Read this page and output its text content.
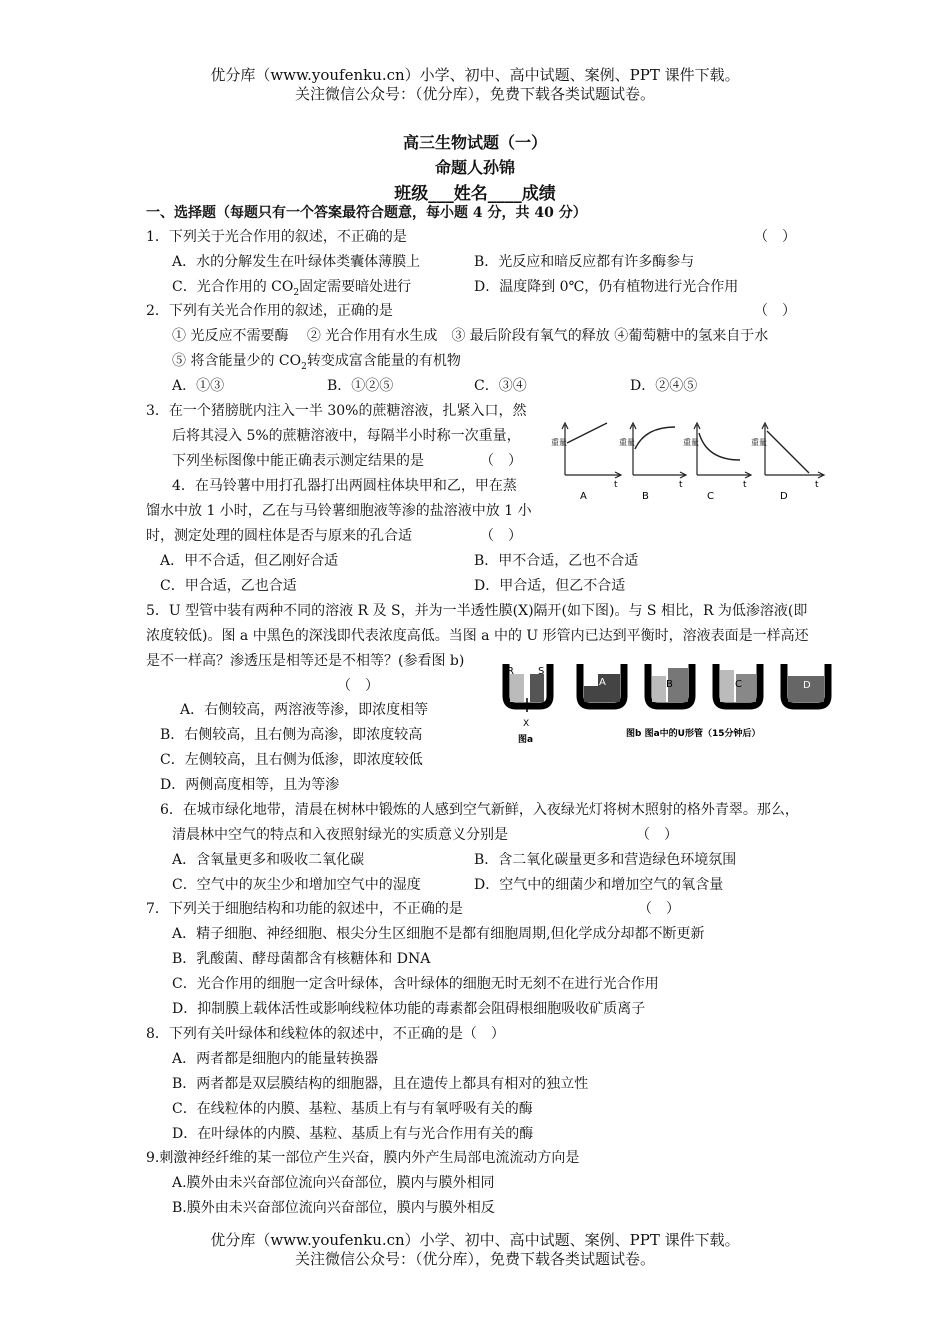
优分库（www.youfenku.cn）小学、初中、高中试题、案例、PPT 课件下载。
关注微信公众号：（优分库），免费下载各类试题试卷。
高三生物试题（一）
命题人孙锦
班级___姓名____成绩
一、选择题（每题只有一个答案最符合题意，每小题 4 分，共 40 分）
1．下列关于光合作用的叙述，不正确的是	（　）
A．水的分解发生在叶绿体类囊体薄膜上	B．光反应和暗反应都有许多酶参与
C．光合作用的 $CO_2$固定需要暗处进行	D．温度降到 0℃，仍有植物进行光合作用
2．下列有关光合作用的叙述，正确的是	（　）
① 光反应不需要酶　 ② 光合作用有水生成　③ 最后阶段有氧气的释放 ④葡萄糖中的氢来自于水
⑤ 将含能量少的 $CO_2$转变成富含能量的有机物
A．①③	B．①②⑤	C．③④	D．②④⑤
3．在一个猪膀胱内注入一半 30%的蔗糖溶液，扎紧入口，然
后将其浸入 5%的蔗糖溶液中，每隔半小时称一次重量，
下列坐标图像中能正确表示测定结果的是	（　）
重量
t
A
重量
t
B
重量
t
C
重量
t
D
4．在马铃薯中用打孔器打出两圆柱体块甲和乙，甲在蒸
馏水中放 1 小时，乙在与马铃薯细胞液等渗的盐溶液中放 1 小
时，测定处理的圆柱体是否与原来的孔合适	（　）
A．甲不合适，但乙刚好合适	B．甲不合适，乙也不合适
C．甲合适，乙也合适	D．甲合适，但乙不合适
5．U 型管中装有两种不同的溶液 R 及 S，并为一半透性膜(X)隔开(如下图)。与 S 相比，R 为低渗溶液(即
浓度较低)。图 a 中黑色的深浅即代表浓度高低。当图 a 中的 U 形管内已达到平衡时，溶液表面是一样高还
是不一样高？渗透压是相等还是不相等？(参看图 b)
（　）
A．右侧较高，两溶液等渗，即浓度相等
B．右侧较高，且右侧为高渗，即浓度较高
C．左侧较高，且右侧为低渗，即浓度较低
D．两侧高度相等，且为等渗
R S
X
图a
A	B	C	D
图b 图a中的U形管（15分钟后）
6．在城市绿化地带，清晨在树林中锻炼的人感到空气新鲜，入夜绿光灯将树木照射的格外青翠。那么，
清晨林中空气的特点和入夜照射绿光的实质意义分别是	（　）
A．含氧量更多和吸收二氧化碳	B．含二氧化碳量更多和营造绿色环境氛围
C．空气中的灰尘少和增加空气中的湿度	D．空气中的细菌少和增加空气的氧含量
7．下列关于细胞结构和功能的叙述中，不正确的是	（　）
A．精子细胞、神经细胞、根尖分生区细胞不是都有细胞周期,但化学成分却都不断更新
B．乳酸菌、酵母菌都含有核糖体和 DNA
C．光合作用的细胞一定含叶绿体，含叶绿体的细胞无时无刻不在进行光合作用
D．抑制膜上载体活性或影响线粒体功能的毒素都会阻碍根细胞吸收矿质离子
8．下列有关叶绿体和线粒体的叙述中，不正确的是（　）
A．两者都是细胞内的能量转换器
B．两者都是双层膜结构的细胞器，且在遗传上都具有相对的独立性
C．在线粒体的内膜、基粒、基质上有与有氧呼吸有关的酶
D．在叶绿体的内膜、基粒、基质上有与光合作用有关的酶
9.刺激神经纤维的某一部位产生兴奋，膜内外产生局部电流流动方向是
A.膜外由未兴奋部位流向兴奋部位，膜内与膜外相同
B.膜外由未兴奋部位流向兴奋部位，膜内与膜外相反
优分库（www.youfenku.cn）小学、初中、高中试题、案例、PPT 课件下载。
关注微信公众号：（优分库），免费下载各类试题试卷。
